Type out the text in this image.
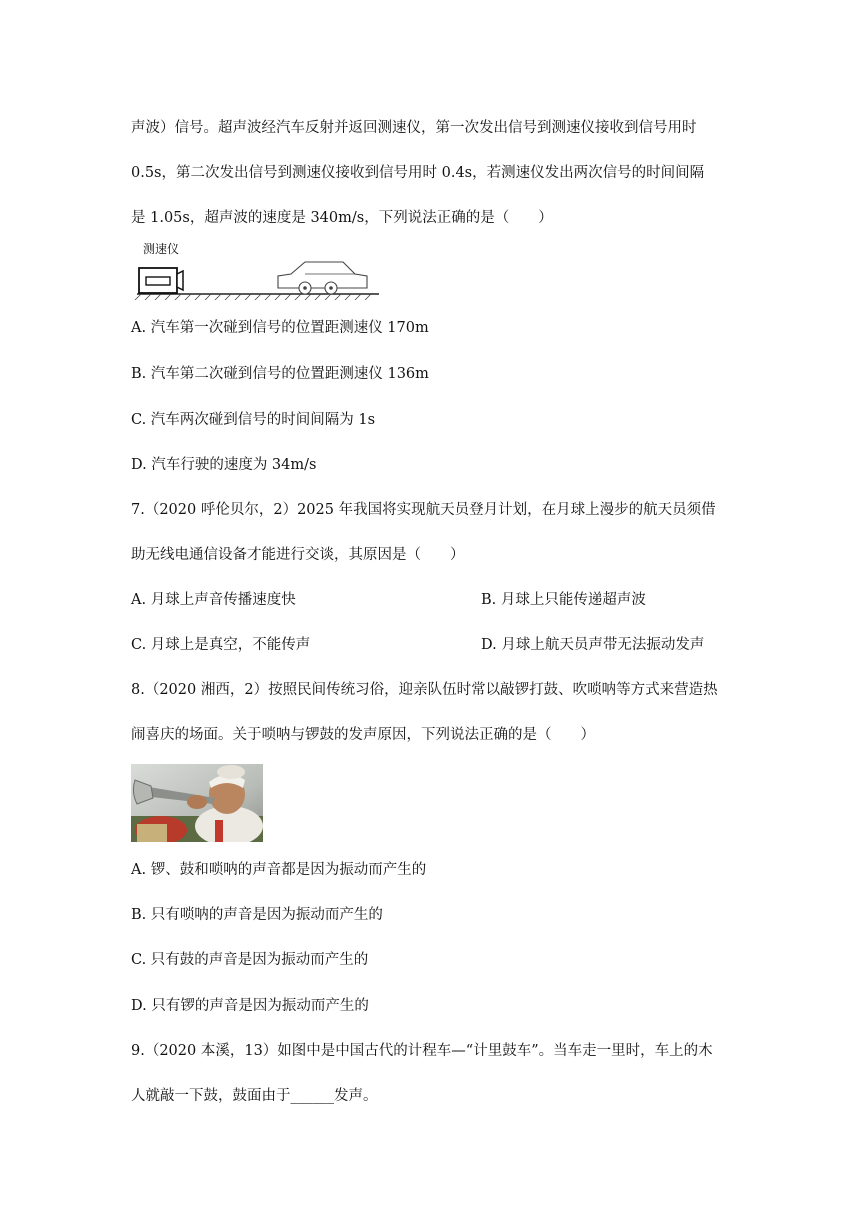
声波）信号。超声波经汽车反射并返回测速仪，第一次发出信号到测速仪接收到信号用时
0.5s，第二次发出信号到测速仪接收到信号用时 0.4s，若测速仪发出两次信号的时间间隔
是 1.05s，超声波的速度是 340m/s，下列说法正确的是（　　）
测速仪
A. 汽车第一次碰到信号的位置距测速仪 170m
B. 汽车第二次碰到信号的位置距测速仪 136m
C. 汽车两次碰到信号的时间间隔为 1s
D. 汽车行驶的速度为 34m/s
7.（2020 呼伦贝尔，2）2025 年我国将实现航天员登月计划，在月球上漫步的航天员须借
助无线电通信设备才能进行交谈，其原因是（　　）
A. 月球上声音传播速度快	B. 月球上只能传递超声波
C. 月球上是真空，不能传声	D. 月球上航天员声带无法振动发声
8.（2020 湘西，2）按照民间传统习俗，迎亲队伍时常以敲锣打鼓、吹唢呐等方式来营造热
闹喜庆的场面。关于唢呐与锣鼓的发声原因，下列说法正确的是（　　）
A. 锣、鼓和唢呐的声音都是因为振动而产生的
B. 只有唢呐的声音是因为振动而产生的
C. 只有鼓的声音是因为振动而产生的
D. 只有锣的声音是因为振动而产生的
9.（2020 本溪，13）如图中是中国古代的计程车—“计里鼓车”。当车走一里时，车上的木
人就敲一下鼓，鼓面由于______发声。
